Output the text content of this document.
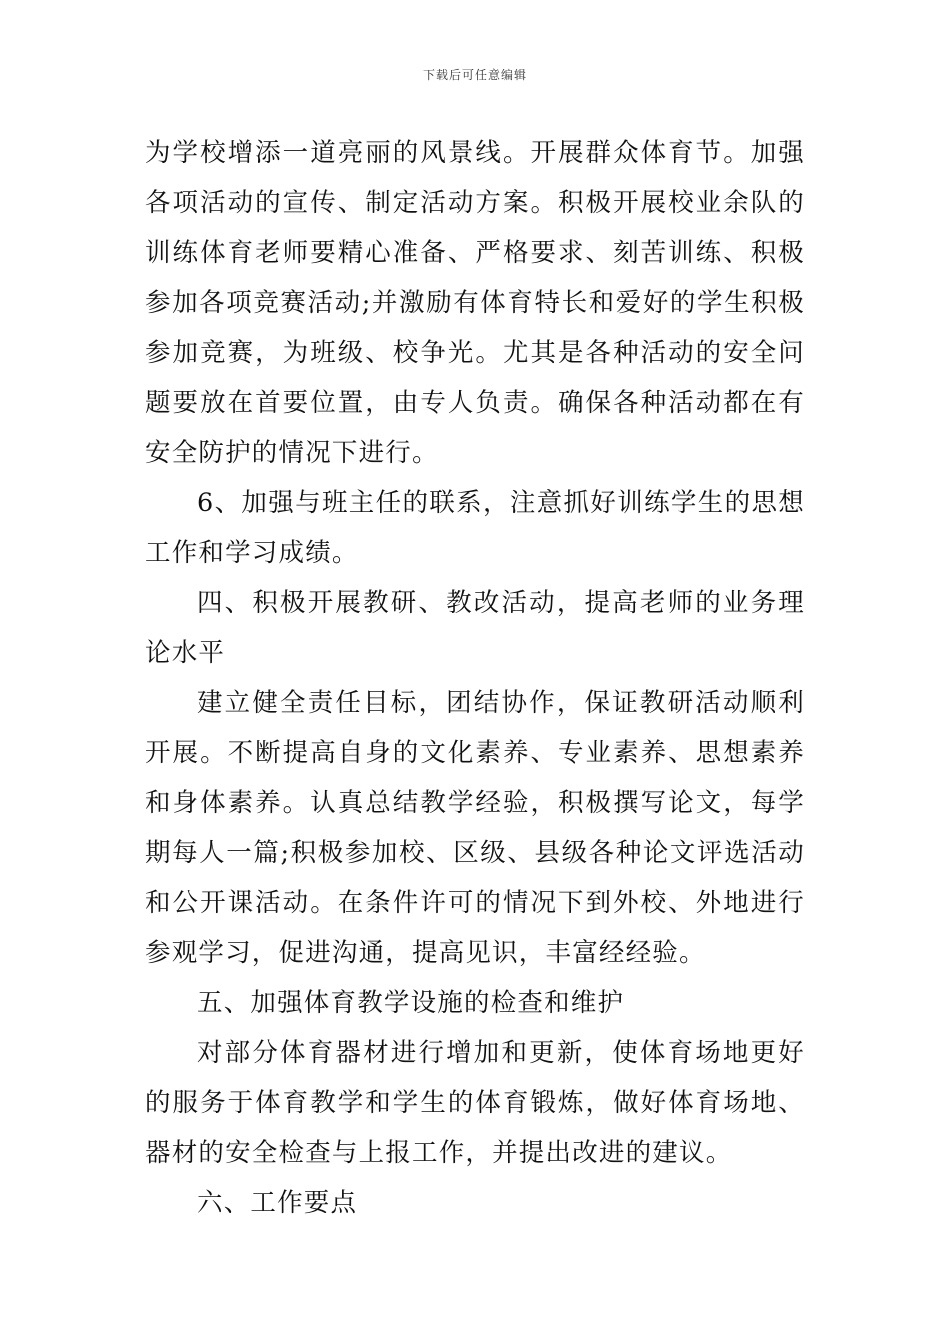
下载后可任意编辑

为学校增添一道亮丽的风景线。开展群众体育节。加强各项活动的宣传、制定活动方案。积极开展校业余队的训练体育老师要精心准备、严格要求、刻苦训练、积极参加各项竞赛活动;并激励有体育特长和爱好的学生积极参加竞赛，为班级、校争光。尤其是各种活动的安全问题要放在首要位置，由专人负责。确保各种活动都在有安全防护的情况下进行。

6、加强与班主任的联系，注意抓好训练学生的思想工作和学习成绩。

四、积极开展教研、教改活动，提高老师的业务理论水平

建立健全责任目标，团结协作，保证教研活动顺利开展。不断提高自身的文化素养、专业素养、思想素养和身体素养。认真总结教学经验，积极撰写论文，每学期每人一篇;积极参加校、区级、县级各种论文评选活动和公开课活动。在条件许可的情况下到外校、外地进行参观学习，促进沟通，提高见识，丰富经经验。

五、加强体育教学设施的检查和维护

对部分体育器材进行增加和更新，使体育场地更好的服务于体育教学和学生的体育锻炼，做好体育场地、器材的安全检查与上报工作，并提出改进的建议。

六、工作要点
